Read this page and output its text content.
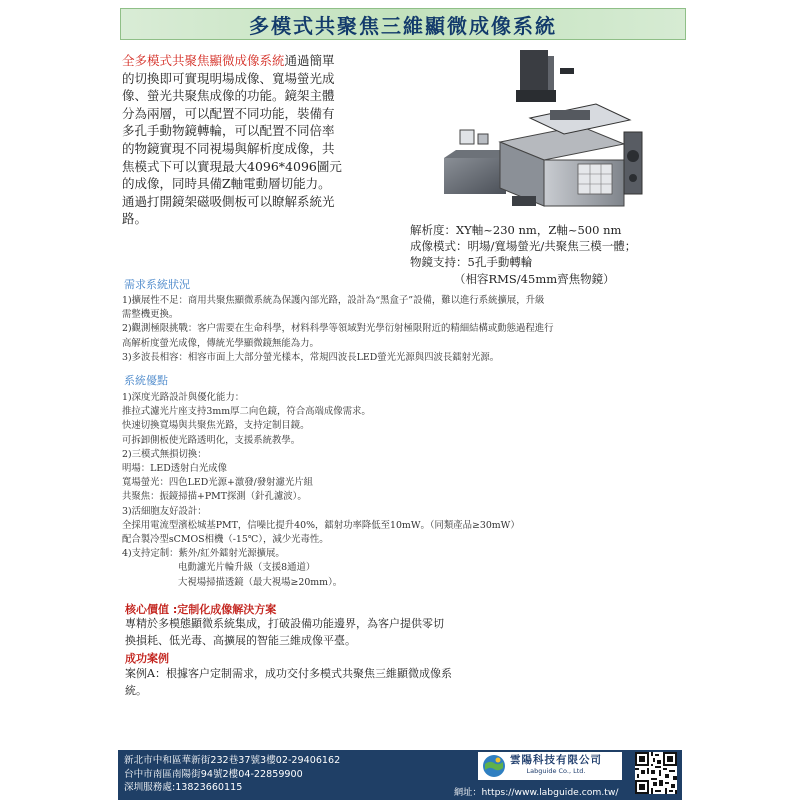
多模式共聚焦三維顯微成像系統
全多模式共聚焦顯微成像系統通過簡單
的切換即可實現明場成像、寬場螢光成
像、螢光共聚焦成像的功能。鏡架主體
分為兩層，可以配置不同功能，裝備有
多孔手動物鏡轉輪，可以配置不同倍率
的物鏡實現不同視場與解析度成像，共
焦模式下可以實現最大4096*4096圖元
的成像，同時具備Z軸電動層切能力。
通過打開鏡架磁吸側板可以瞭解系統光
路。
解析度： XY軸~230 nm，Z軸~500 nm
成像模式： 明場/寬場螢光/共聚焦三模一體；
物鏡支持： 5孔手動轉輪
（相容RMS/45mm齊焦物鏡）
需求系統狀況

1)擴展性不足：商用共聚焦顯微系統為保護內部光路，設計為“黑盒子”設備，難以進行系統擴展，升級

需整機更換。

2)觀測極限挑戰：客户需要在生命科學，材料科學等領域對光學衍射極限附近的精細結構或動態過程進行

高解析度螢光成像，傳統光學顯微鏡無能為力。

3)多波長相容：相容市面上大部分螢光樣本，常規四波長LED螢光光源與四波長鐳射光源。

系統優點

1)深度光路設計與優化能力：

推拉式濾光片座支持3mm厚二向色鏡，符合高端成像需求。

快速切換寬場與共聚焦光路，支持定制目鏡。

可拆卸側板使光路透明化，支援系統教學。

2)三模式無損切換：

明場：LED透射白光成像

寬場螢光：四色LED光源+激發/發射濾光片組

共聚焦：振鏡掃描+PMT探測（針孔濾波）。

3)活細胞友好設計：

全採用電流型濱松城基PMT，信噪比提升40%，鐳射功率降低至10mW。（同類產品≥30mW）

配合製冷型sCMOS相機（-15℃），減少光毒性。

4)支持定制：紫外/紅外鐳射光源擴展。

电動濾光片輪升級（支援8通道）

大視場掃描透鏡（最大視場≥20mm）。

核心價值 :定制化成像解決方案
專精於多模態顯微系統集成，打破設備功能邊界，為客户提供零切
換損耗、低光毒、高擴展的智能三維成像平臺。
成功案例
案例A：根據客户定制需求，成功交付多模式共聚焦三維顯微成像系
統。

新北市中和區華新街232巷37號3樓02-29406162

台中市南區南陽街94號2樓04-22859900

深圳服務處:13823660115

雲陽科技有限公司
Labguide Co., Ltd.
網址：https://www.labguide.com.tw/
